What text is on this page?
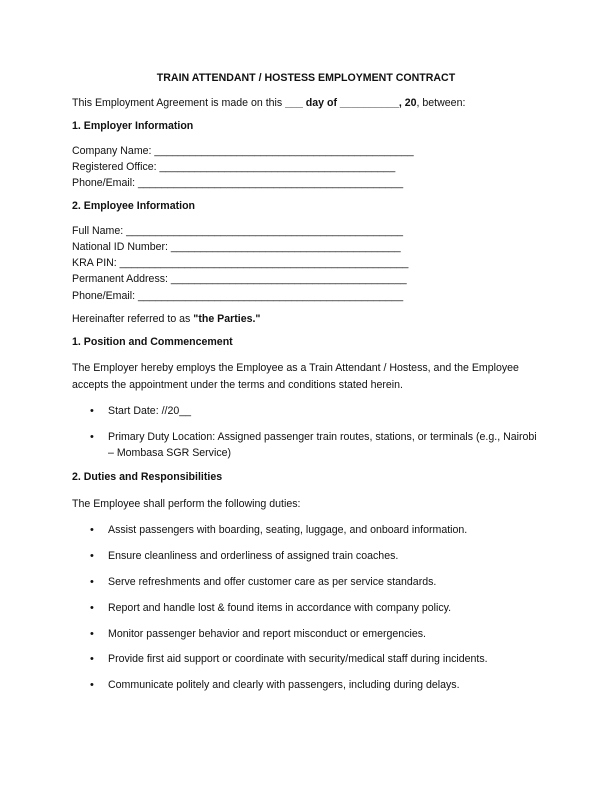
TRAIN ATTENDANT / HOSTESS EMPLOYMENT CONTRACT

This Employment Agreement is made on this ___ day of __________, 20, between:

1. Employer Information
Company Name: ____________________________________________
Registered Office: ________________________________________
Phone/Email: _____________________________________________
2. Employee Information
Full Name: _______________________________________________
National ID Number: _______________________________________
KRA PIN: _________________________________________________
Permanent Address: ________________________________________
Phone/Email: _____________________________________________

Hereinafter referred to as "the Parties."

1. Position and Commencement

The Employer hereby employs the Employee as a Train Attendant / Hostess, and the Employee accepts the appointment under the terms and conditions stated herein.

• Start Date: //20__
• Primary Duty Location: Assigned passenger train routes, stations, or terminals (e.g., Nairobi – Mombasa SGR Service)
2. Duties and Responsibilities

The Employee shall perform the following duties:

• Assist passengers with boarding, seating, luggage, and onboard information.
• Ensure cleanliness and orderliness of assigned train coaches.
• Serve refreshments and offer customer care as per service standards.
• Report and handle lost & found items in accordance with company policy.
• Monitor passenger behavior and report misconduct or emergencies.
• Provide first aid support or coordinate with security/medical staff during incidents.
• Communicate politely and clearly with passengers, including during delays.
